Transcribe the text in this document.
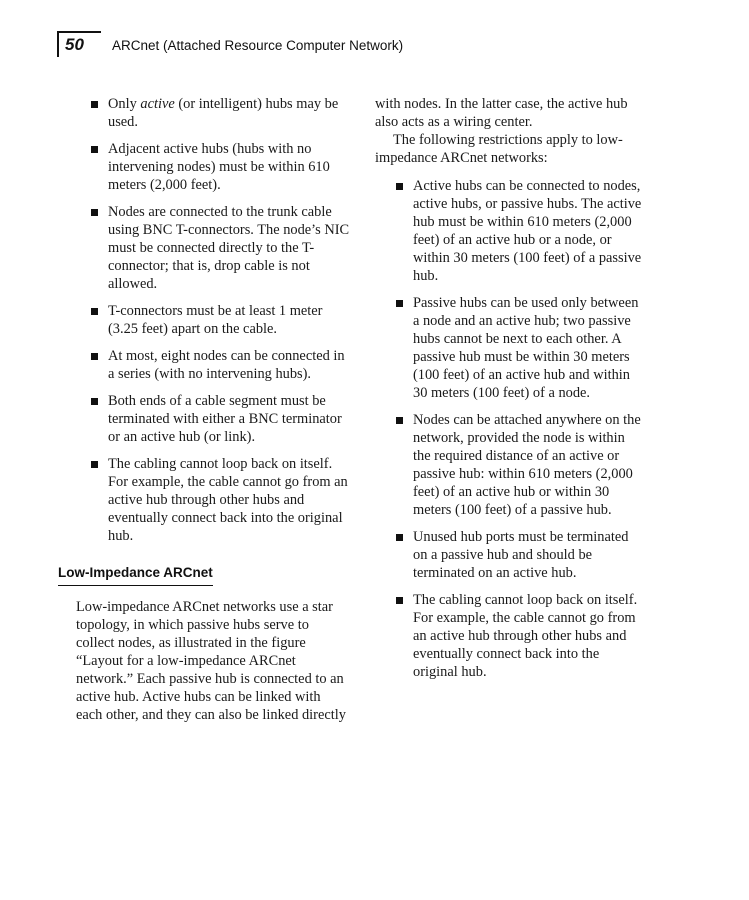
50 ARCnet (Attached Resource Computer Network)
Only active (or intelligent) hubs may be used.
Adjacent active hubs (hubs with no intervening nodes) must be within 610 meters (2,000 feet).
Nodes are connected to the trunk cable using BNC T-connectors. The node’s NIC must be connected directly to the T-connector; that is, drop cable is not allowed.
T-connectors must be at least 1 meter (3.25 feet) apart on the cable.
At most, eight nodes can be connected in a series (with no intervening hubs).
Both ends of a cable segment must be terminated with either a BNC terminator or an active hub (or link).
The cabling cannot loop back on itself. For example, the cable cannot go from an active hub through other hubs and eventually connect back into the original hub.
Low-Impedance ARCnet

Low-impedance ARCnet networks use a star topology, in which passive hubs serve to collect nodes, as illustrated in the figure “Layout for a low-impedance ARCnet network.” Each passive hub is connected to an active hub. Active hubs can be linked with each other, and they can also be linked directly

with nodes. In the latter case, the active hub also acts as a wiring center.

The following restrictions apply to low-impedance ARCnet networks:

Active hubs can be connected to nodes, active hubs, or passive hubs. The active hub must be within 610 meters (2,000 feet) of an active hub or a node, or within 30 meters (100 feet) of a passive hub.
Passive hubs can be used only between a node and an active hub; two passive hubs cannot be next to each other. A passive hub must be within 30 meters (100 feet) of an active hub and within 30 meters (100 feet) of a node.
Nodes can be attached anywhere on the network, provided the node is within the required distance of an active or passive hub: within 610 meters (2,000 feet) of an active hub or within 30 meters (100 feet) of a passive hub.
Unused hub ports must be terminated on a passive hub and should be terminated on an active hub.
The cabling cannot loop back on itself. For example, the cable cannot go from an active hub through other hubs and eventually connect back into the original hub.
